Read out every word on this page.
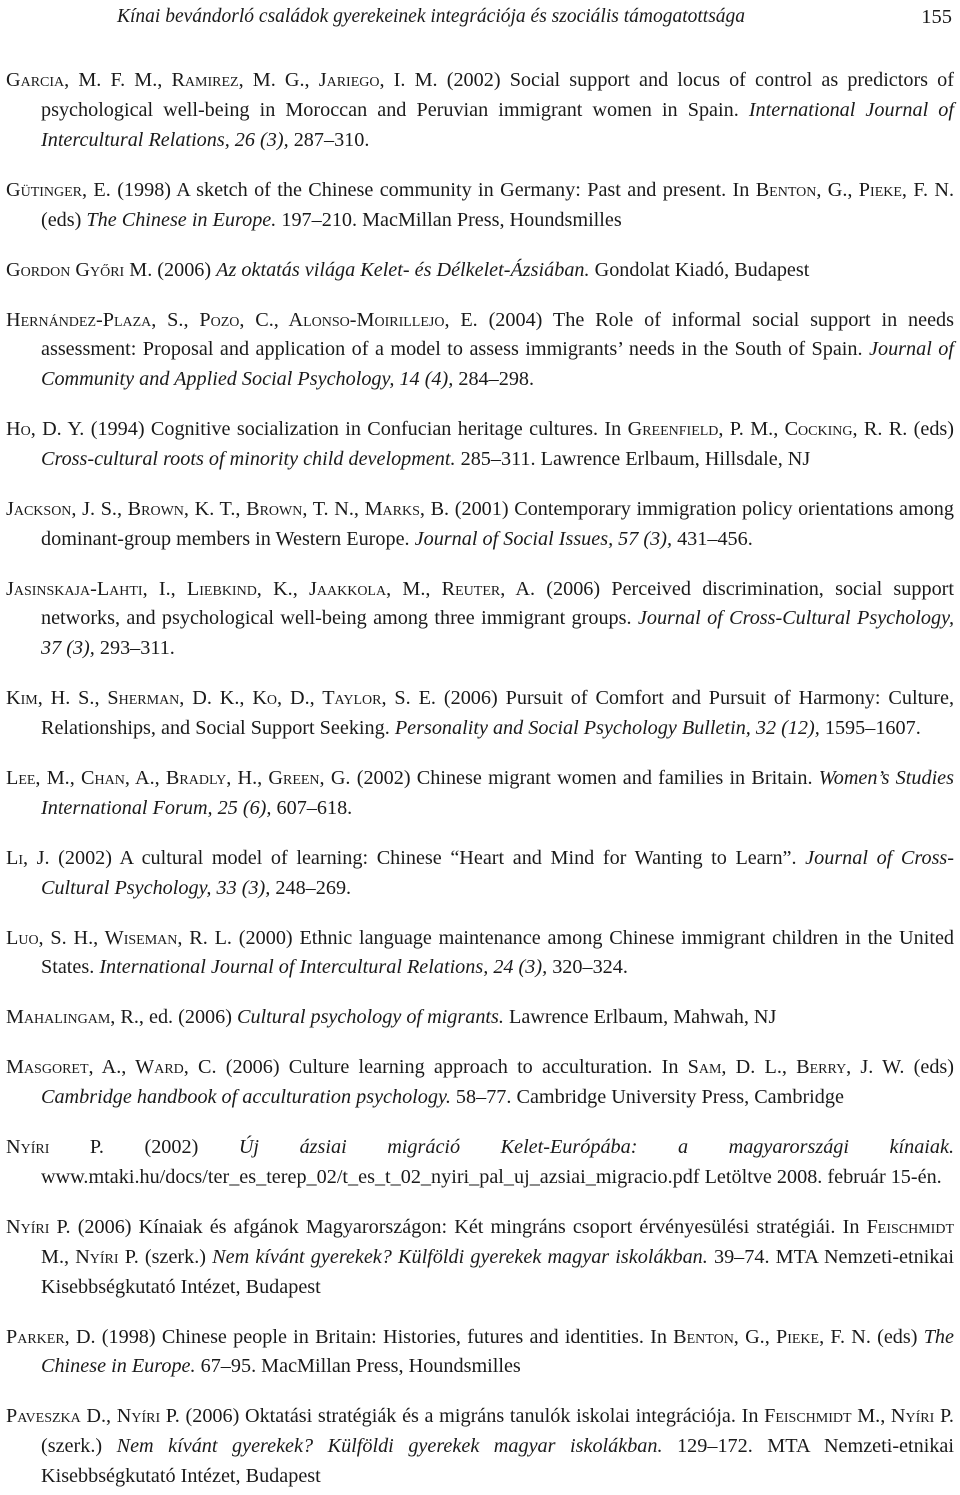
Kínai bevándorló családok gyerekeinek integrációja és szociális támogatottsága	155

Garcia, M. F. M., Ramirez, M. G., Jariego, I. M. (2002) Social support and locus of control as predictors of psychological well-being in Moroccan and Peruvian immigrant women in Spain. International Journal of Intercultural Relations, 26 (3), 287–310.

Gütinger, E. (1998) A sketch of the Chinese community in Germany: Past and present. In Benton, G., Pieke, F. N. (eds) The Chinese in Europe. 197–210. MacMillan Press, Houndsmilles

Gordon Győri M. (2006) Az oktatás világa Kelet- és Délkelet-Ázsiában. Gondolat Kiadó, Budapest

Hernández-Plaza, S., Pozo, C., Alonso-Moirillejo, E. (2004) The Role of informal social support in needs assessment: Proposal and application of a model to assess immigrants’ needs in the South of Spain. Journal of Community and Applied Social Psychology, 14 (4), 284–298.

Ho, D. Y. (1994) Cognitive socialization in Confucian heritage cultures. In Greenfield, P. M., Cocking, R. R. (eds) Cross-cultural roots of minority child development. 285–311. Lawrence Erlbaum, Hillsdale, NJ

Jackson, J. S., Brown, K. T., Brown, T. N., Marks, B. (2001) Contemporary immigration policy orientations among dominant-group members in Western Europe. Journal of Social Issues, 57 (3), 431–456.

Jasinskaja-Lahti, I., Liebkind, K., Jaakkola, M., Reuter, A. (2006) Perceived discrimination, social support networks, and psychological well-being among three immigrant groups. Journal of Cross-Cultural Psychology, 37 (3), 293–311.

Kim, H. S., Sherman, D. K., Ko, D., Taylor, S. E. (2006) Pursuit of Comfort and Pursuit of Harmony: Culture, Relationships, and Social Support Seeking. Personality and Social Psychology Bulletin, 32 (12), 1595–1607.

Lee, M., Chan, A., Bradly, H., Green, G. (2002) Chinese migrant women and families in Britain. Women’s Studies International Forum, 25 (6), 607–618.

Li, J. (2002) A cultural model of learning: Chinese “Heart and Mind for Wanting to Learn”. Journal of Cross-Cultural Psychology, 33 (3), 248–269.

Luo, S. H., Wiseman, R. L. (2000) Ethnic language maintenance among Chinese immigrant children in the United States. International Journal of Intercultural Relations, 24 (3), 320–324.

Mahalingam, R., ed. (2006) Cultural psychology of migrants. Lawrence Erlbaum, Mahwah, NJ

Masgoret, A., Ward, C. (2006) Culture learning approach to acculturation. In Sam, D. L., Berry, J. W. (eds) Cambridge handbook of acculturation psychology. 58–77. Cambridge University Press, Cambridge

Nyíri P. (2002) Új ázsiai migráció Kelet-Európába: a magyarországi kínaiak. www.mtaki.hu/docs/ter_es_terep_02/t_es_t_02_nyiri_pal_uj_azsiai_migracio.pdf Letöltve 2008. február 15-én.

Nyíri P. (2006) Kínaiak és afgánok Magyarországon: Két mingráns csoport érvényesülési stratégiái. In Feischmidt M., Nyíri P. (szerk.) Nem kívánt gyerekek? Külföldi gyerekek magyar iskolákban. 39–74. MTA Nemzeti-etnikai Kisebbségkutató Intézet, Budapest

Parker, D. (1998) Chinese people in Britain: Histories, futures and identities. In Benton, G., Pieke, F. N. (eds) The Chinese in Europe. 67–95. MacMillan Press, Houndsmilles

Paveszka D., Nyíri P. (2006) Oktatási stratégiák és a migráns tanulók iskolai integrációja. In Feischmidt M., Nyíri P. (szerk.) Nem kívánt gyerekek? Külföldi gyerekek magyar iskolákban. 129–172. MTA Nemzeti-etnikai Kisebbségkutató Intézet, Budapest
